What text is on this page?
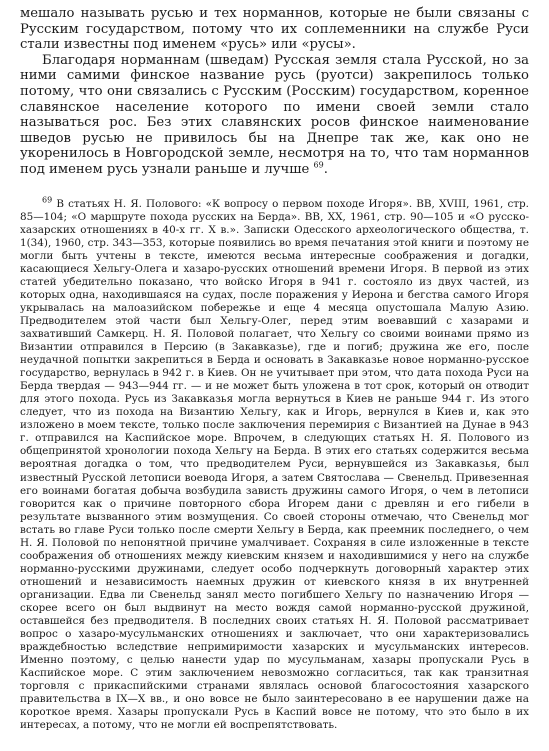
мешало называть русью и тех норманнов, которые не были связаны с Русским государством, потому что их соплеменники на службе Руси стали известны под именем «русь» или «русы».

Благодаря норманнам (шведам) Русская земля стала Русской, но за ними самими финское название русь (руотси) закрепилось только потому, что они связались с Русским (Росским) государством, коренное славянское население которого по имени своей земли стало называться рос. Без этих славянских росов финское наименование шведов русью не привилось бы на Днепре так же, как оно не укоренилось в Новгородской земле, несмотря на то, что там норманнов под именем русь узнали раньше и лучше $^{69}$.

$^{69}$ В статьях Н. Я. Полового: «К вопросу о первом походе Игоря». ВВ, XVIII, 1961, стр. 85—104; «О маршруте похода русских на Берда». ВВ, XX, 1961, стр. 90—105 и «О русско-хазарских отношениях в 40-х гг. X в.». Записки Одесского археологического общества, т. 1(34), 1960, стр. 343—353, которые появились во время печатания этой книги и поэтому не могли быть учтены в тексте, имеются весьма интересные соображения и догадки, касающиеся Хельгу-Олега и хазаро-русских отношений времени Игоря. В первой из этих статей убедительно показано, что войско Игоря в 941 г. состояло из двух частей, из которых одна, находившаяся на судах, после поражения у Иерона и бегства самого Игоря укрывалась на малоазийском побережье и еще 4 месяца опустошала Малую Азию. Предводителем этой части был Хельгу-Олег, перед этим воевавший с хазарами и захвативший Самкерц. Н. Я. Половой полагает, что Хельгу со своими воинами прямо из Византии отправился в Персию (в Закавказье), где и погиб; дружина же его, после неудачной попытки закрепиться в Берда и основать в Закавказье новое норманно-русское государство, вернулась в 942 г. в Киев. Он не учитывает при этом, что дата похода Руси на Берда твердая — 943—944 гг. — и не может быть уложена в тот срок, который он отводит для этого похода. Русь из Закавказья могла вернуться в Киев не раньше 944 г. Из этого следует, что из похода на Византию Хельгу, как и Игорь, вернулся в Киев и, как это изложено в моем тексте, только после заключения перемирия с Византией на Дунае в 943 г. отправился на Каспийское море. Впрочем, в следующих статьях Н. Я. Полового из общепринятой хронологии похода Хельгу на Берда. В этих его статьях содержится весьма вероятная догадка о том, что предводителем Руси, вернувшейся из Закавказья, был известный Русской летописи воевода Игоря, а затем Святослава — Свенельд. Привезенная его воинами богатая добыча возбудила зависть дружины самого Игоря, о чем в летописи говорится как о причине повторного сбора Игорем дани с древлян и его гибели в результате вызванного этим возмущения. Со своей стороны отмечаю, что Свенельд мог встать во главе Руси только после смерти Хельгу в Берда, как преемник последнего, о чем Н. Я. Половой по непонятной причине умалчивает. Сохраняя в силе изложенные в тексте соображения об отношениях между киевским князем и находившимися у него на службе норманно-русскими дружинами, следует особо подчеркнуть договорный характер этих отношений и независимость наемных дружин от киевского князя в их внутренней организации. Едва ли Свенельд занял место погибшего Хельгу по назначению Игоря — скорее всего он был выдвинут на место вождя самой норманно-русской дружиной, оставшейся без предводителя. В последних своих статьях Н. Я. Половой рассматривает вопрос о хазаро-мусульманских отношениях и заключает, что они характеризовались враждебностью вследствие непримиримости хазарских и мусульманских интересов. Именно поэтому, с целью нанести удар по мусульманам, хазары пропускали Русь в Каспийское море. С этим заключением невозможно согласиться, так как транзитная торговля с прикаспийскими странами являлась основой благосостояния хазарского правительства в IX—X вв., и оно вовсе не было заинтересовано в ее нарушении даже на короткое время. Хазары пропускали Русь в Каспий вовсе не потому, что это было в их интересах, а потому, что не могли ей воспрепятствовать.
